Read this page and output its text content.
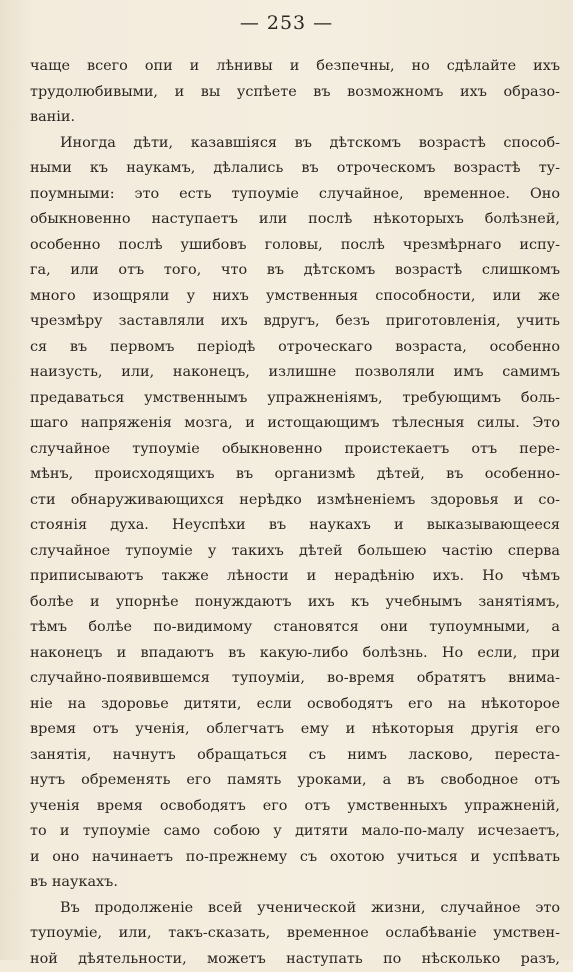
— 253 —
чаще всего опи и лѣнивы и безпечны, но сдѣлайте ихъ
трудолюбивыми, и вы успѣете въ возможномъ ихъ образо-
ваніи.
Иногда дѣти, казавшіяся въ дѣтскомъ возрастѣ способ-
ными къ наукамъ, дѣлались въ отроческомъ возрастѣ ту-
поумными: это есть тупоуміе случайное, временное. Оно
обыкновенно наступаетъ или послѣ нѣкоторыхъ болѣзней,
особенно послѣ ушибовъ головы, послѣ чрезмѣрнаго испу-
га, или отъ того, что въ дѣтскомъ возрастѣ слишкомъ
много изощряли у нихъ умственныя способности, или же
чрезмѣру заставляли ихъ вдругъ, безъ приготовленія, учить
ся въ первомъ періодѣ отроческаго возраста, особенно
наизусть, или, наконецъ, излишне позволяли имъ самимъ
предаваться умственнымъ упражненіямъ, требующимъ боль-
шаго напряженія мозга, и истощающимъ тѣлесныя силы. Это
случайное тупоуміе обыкновенно проистекаетъ отъ пере-
мѣнъ, происходящихъ въ организмѣ дѣтей, въ особенно-
сти обнаруживающихся нерѣдко измѣненіемъ здоровья и со-
стоянія духа. Неуспѣхи въ наукахъ и выказывающееся
случайное тупоуміе у такихъ дѣтей большею частію сперва
приписываютъ также лѣности и нерадѣнію ихъ. Но чѣмъ
болѣе и упорнѣе понуждаютъ ихъ къ учебнымъ занятіямъ,
тѣмъ болѣе по-видимому становятся они тупоумными, а
наконецъ и впадаютъ въ какую-либо болѣзнь. Но если, при
случайно-появившемся тупоуміи, во-время обратятъ внима-
ніе на здоровье дитяти, если освободятъ его на нѣкоторое
время отъ ученія, облегчатъ ему и нѣкоторыя другія его
занятія, начнутъ обращаться съ нимъ ласково, переста-
нутъ обременять его память уроками, а въ свободное отъ
ученія время освободятъ его отъ умственныхъ упражненій,
то и тупоуміе само собою у дитяти мало-по-малу исчезаетъ,
и оно начинаетъ по-прежнему съ охотою учиться и успѣвать
въ наукахъ.
Въ продолженіе всей ученической жизни, случайное это
тупоуміе, или, такъ-сказать, временное ослабѣваніе умствен-
ной дѣятельности, можетъ наступать по нѣсколько разъ,
